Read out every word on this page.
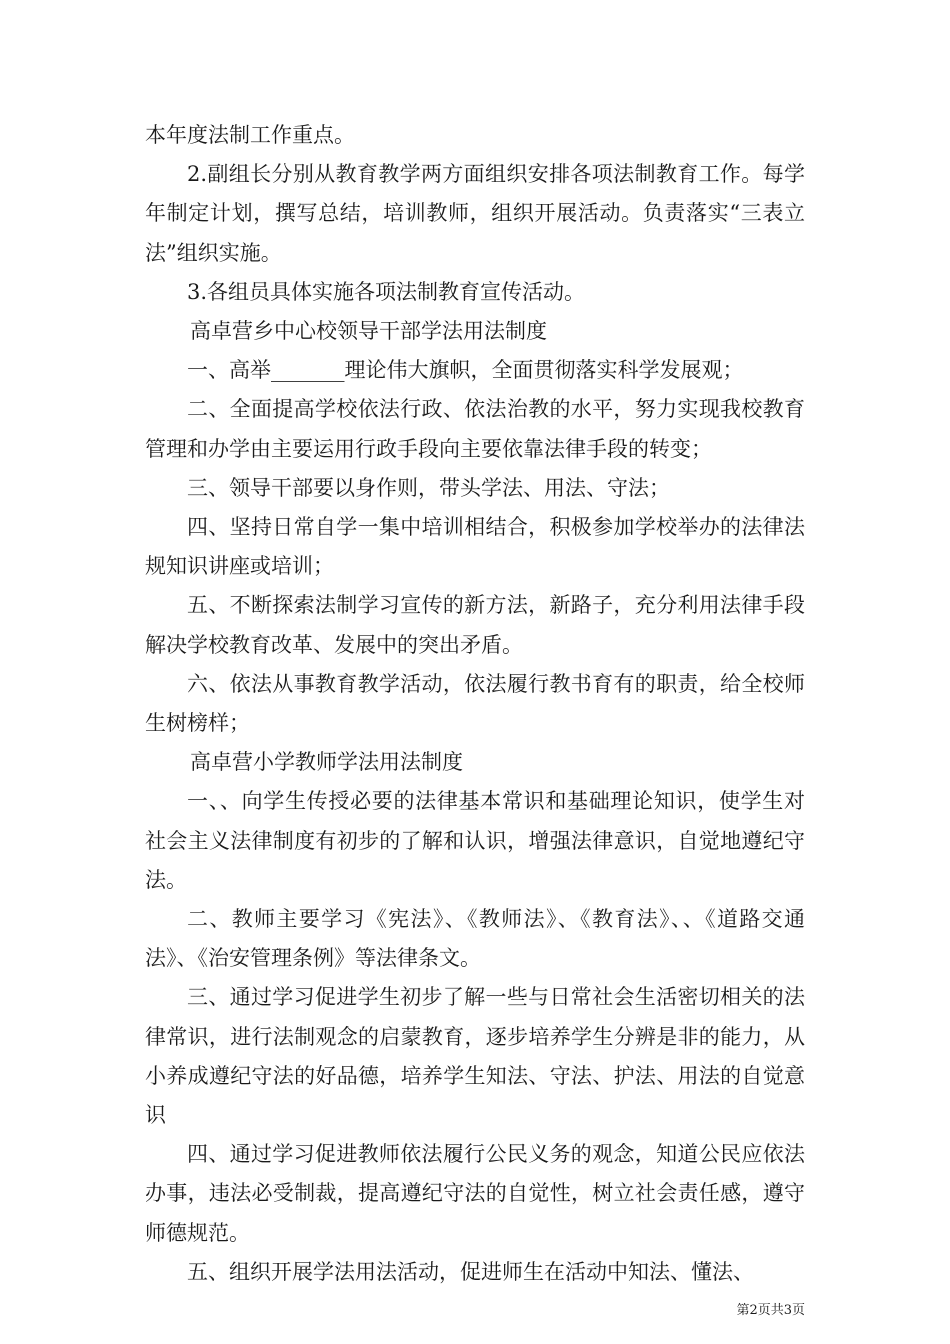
本年度法制工作重点。

2.副组长分别从教育教学两方面组织安排各项法制教育工作。每学年制定计划，撰写总结，培训教师，组织开展活动。负责落实“三表立法”组织实施。

3.各组员具体实施各项法制教育宣传活动。

高卓营乡中心校领导干部学法用法制度

一、高举_______理论伟大旗帜，全面贯彻落实科学发展观；

二、全面提高学校依法行政、依法治教的水平，努力实现我校教育管理和办学由主要运用行政手段向主要依靠法律手段的转变；

三、领导干部要以身作则，带头学法、用法、守法；

四、坚持日常自学一集中培训相结合，积极参加学校举办的法律法规知识讲座或培训；

五、不断探索法制学习宣传的新方法，新路子，充分利用法律手段解决学校教育改革、发展中的突出矛盾。

六、依法从事教育教学活动，依法履行教书育有的职责，给全校师生树榜样；

高卓营小学教师学法用法制度

一、、向学生传授必要的法律基本常识和基础理论知识，使学生对社会主义法律制度有初步的了解和认识，增强法律意识，自觉地遵纪守法。

二、教师主要学习《宪法》、《教师法》、《教育法》、、《道路交通法》、《治安管理条例》等法律条文。

三、通过学习促进学生初步了解一些与日常社会生活密切相关的法律常识，进行法制观念的启蒙教育，逐步培养学生分辨是非的能力，从小养成遵纪守法的好品德，培养学生知法、守法、护法、用法的自觉意识

四、通过学习促进教师依法履行公民义务的观念，知道公民应依法办事，违法必受制裁，提高遵纪守法的自觉性，树立社会责任感，遵守师德规范。

五、组织开展学法用法活动，促进师生在活动中知法、懂法、

第2页共3页
